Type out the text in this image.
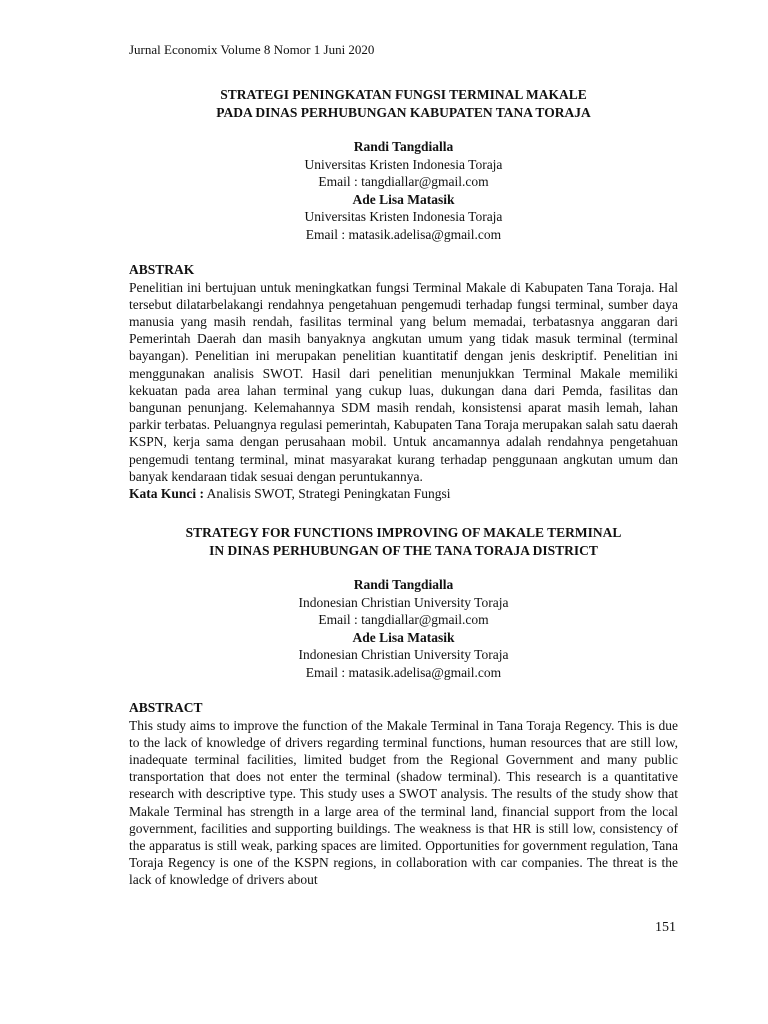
Jurnal Economix Volume 8 Nomor 1 Juni 2020
STRATEGI PENINGKATAN FUNGSI TERMINAL MAKALE
PADA DINAS PERHUBUNGAN KABUPATEN TANA TORAJA
Randi Tangdialla
Universitas Kristen Indonesia Toraja
Email : tangdiallar@gmail.com
Ade Lisa Matasik
Universitas Kristen Indonesia Toraja
Email : matasik.adelisa@gmail.com
ABSTRAK

Penelitian ini bertujuan untuk meningkatkan fungsi Terminal Makale di Kabupaten Tana Toraja. Hal tersebut dilatarbelakangi rendahnya pengetahuan pengemudi terhadap fungsi terminal, sumber daya manusia yang masih rendah, fasilitas terminal yang belum memadai, terbatasnya anggaran dari Pemerintah Daerah dan masih banyaknya angkutan umum yang tidak masuk terminal (terminal bayangan). Penelitian ini merupakan penelitian kuantitatif dengan jenis deskriptif. Penelitian ini menggunakan analisis SWOT. Hasil dari penelitian menunjukkan Terminal Makale memiliki kekuatan pada area lahan terminal yang cukup luas, dukungan dana dari Pemda, fasilitas dan bangunan penunjang. Kelemahannya SDM masih rendah, konsistensi aparat masih lemah, lahan parkir terbatas. Peluangnya regulasi pemerintah, Kabupaten Tana Toraja merupakan salah satu daerah KSPN, kerja sama dengan perusahaan mobil. Untuk ancamannya adalah rendahnya pengetahuan pengemudi tentang terminal, minat masyarakat kurang terhadap penggunaan angkutan umum dan banyak kendaraan tidak sesuai dengan peruntukannya.

Kata Kunci : Analisis SWOT, Strategi Peningkatan Fungsi
STRATEGY FOR FUNCTIONS IMPROVING OF MAKALE TERMINAL
IN DINAS PERHUBUNGAN OF THE TANA TORAJA DISTRICT
Randi Tangdialla
Indonesian Christian University Toraja
Email : tangdiallar@gmail.com
Ade Lisa Matasik
Indonesian Christian University Toraja
Email : matasik.adelisa@gmail.com
ABSTRACT

This study aims to improve the function of the Makale Terminal in Tana Toraja Regency. This is due to the lack of knowledge of drivers regarding terminal functions, human resources that are still low, inadequate terminal facilities, limited budget from the Regional Government and many public transportation that does not enter the terminal (shadow terminal). This research is a quantitative research with descriptive type. This study uses a SWOT analysis. The results of the study show that Makale Terminal has strength in a large area of the terminal land, financial support from the local government, facilities and supporting buildings. The weakness is that HR is still low, consistency of the apparatus is still weak, parking spaces are limited. Opportunities for government regulation, Tana Toraja Regency is one of the KSPN regions, in collaboration with car companies. The threat is the lack of knowledge of drivers about

151
